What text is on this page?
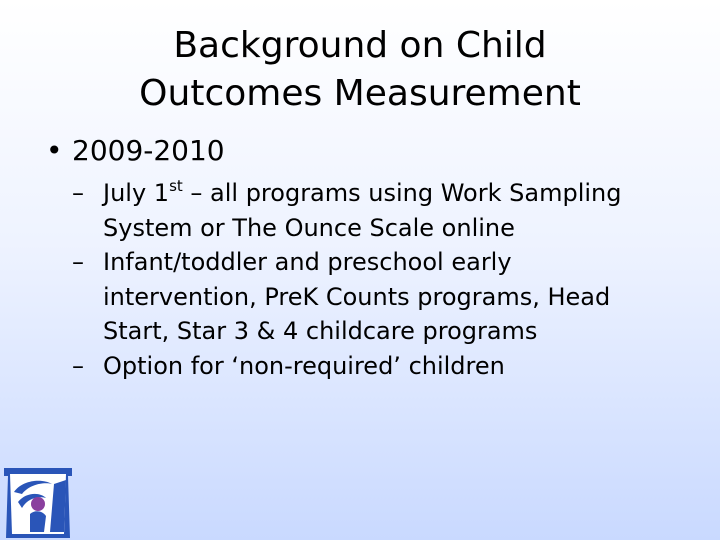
Background on Child
Outcomes Measurement
• 2009-2010
– July 1st – all programs using Work Sampling System or The Ounce Scale online
– Infant/toddler and preschool early intervention, PreK Counts programs, Head Start, Star 3 & 4 childcare programs
– Option for ‘non-required’ children
